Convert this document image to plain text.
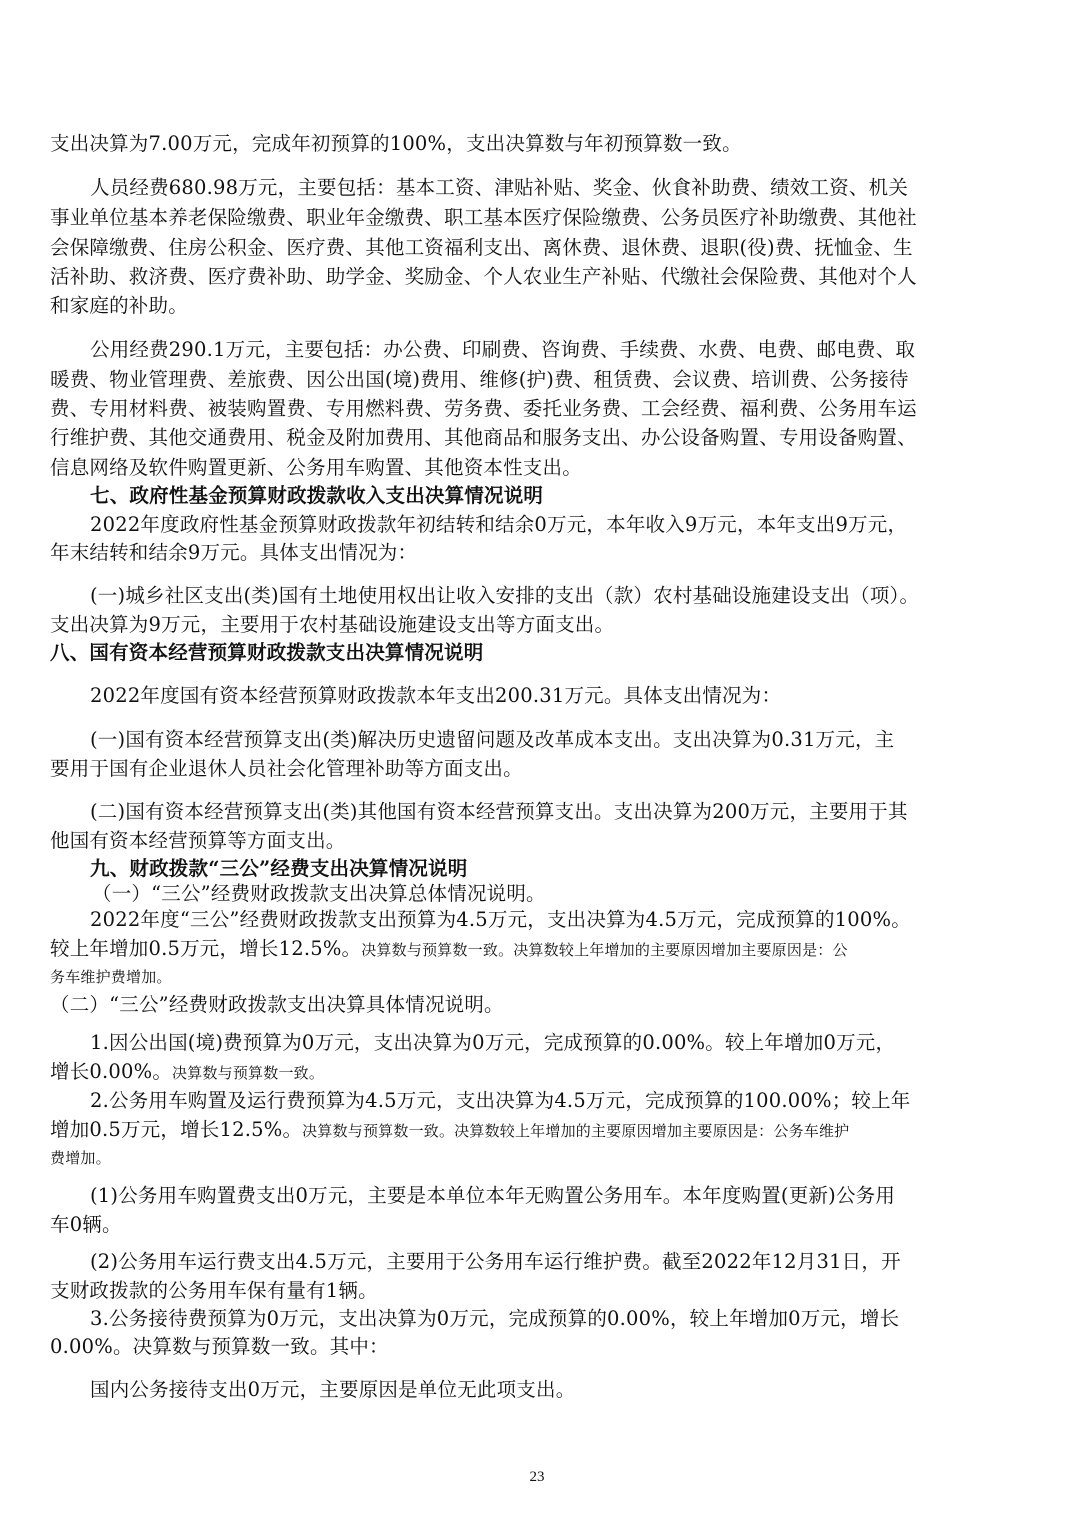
支出决算为7.00万元，完成年初预算的100%，支出决算数与年初预算数一致。
人员经费680.98万元，主要包括：基本工资、津贴补贴、奖金、伙食补助费、绩效工资、机关
事业单位基本养老保险缴费、职业年金缴费、职工基本医疗保险缴费、公务员医疗补助缴费、其他社
会保障缴费、住房公积金、医疗费、其他工资福利支出、离休费、退休费、退职(役)费、抚恤金、生
活补助、救济费、医疗费补助、助学金、奖励金、个人农业生产补贴、代缴社会保险费、其他对个人
和家庭的补助。
公用经费290.1万元，主要包括：办公费、印刷费、咨询费、手续费、水费、电费、邮电费、取
暖费、物业管理费、差旅费、因公出国(境)费用、维修(护)费、租赁费、会议费、培训费、公务接待
费、专用材料费、被装购置费、专用燃料费、劳务费、委托业务费、工会经费、福利费、公务用车运
行维护费、其他交通费用、税金及附加费用、其他商品和服务支出、办公设备购置、专用设备购置、
信息网络及软件购置更新、公务用车购置、其他资本性支出。
七、政府性基金预算财政拨款收入支出决算情况说明
2022年度政府性基金预算财政拨款年初结转和结余0万元，本年收入9万元，本年支出9万元，
年末结转和结余9万元。具体支出情况为：
(一)城乡社区支出(类)国有土地使用权出让收入安排的支出（款）农村基础设施建设支出（项）。
支出决算为9万元，主要用于农村基础设施建设支出等方面支出。
八、国有资本经营预算财政拨款支出决算情况说明
2022年度国有资本经营预算财政拨款本年支出200.31万元。具体支出情况为：
(一)国有资本经营预算支出(类)解决历史遗留问题及改革成本支出。支出决算为0.31万元，主
要用于国有企业退休人员社会化管理补助等方面支出。
(二)国有资本经营预算支出(类)其他国有资本经营预算支出。支出决算为200万元，主要用于其
他国有资本经营预算等方面支出。
九、财政拨款“三公”经费支出决算情况说明
（一）“三公”经费财政拨款支出决算总体情况说明。
2022年度“三公”经费财政拨款支出预算为4.5万元，支出决算为4.5万元，完成预算的100%。
较上年增加0.5万元，增长12.5%。决算数与预算数一致。决算数较上年增加的主要原因增加主要原因是：公
务车维护费增加。
（二）“三公”经费财政拨款支出决算具体情况说明。
1.因公出国(境)费预算为0万元，支出决算为0万元，完成预算的0.00%。较上年增加0万元，
增长0.00%。决算数与预算数一致。
2.公务用车购置及运行费预算为4.5万元，支出决算为4.5万元，完成预算的100.00%；较上年
增加0.5万元，增长12.5%。决算数与预算数一致。决算数较上年增加的主要原因增加主要原因是：公务车维护
费增加。
(1)公务用车购置费支出0万元，主要是本单位本年无购置公务用车。本年度购置(更新)公务用
车0辆。
(2)公务用车运行费支出4.5万元，主要用于公务用车运行维护费。截至2022年12月31日，开
支财政拨款的公务用车保有量有1辆。
3.公务接待费预算为0万元，支出决算为0万元，完成预算的0.00%，较上年增加0万元，增长
0.00%。决算数与预算数一致。其中：
国内公务接待支出0万元，主要原因是单位无此项支出。
23
